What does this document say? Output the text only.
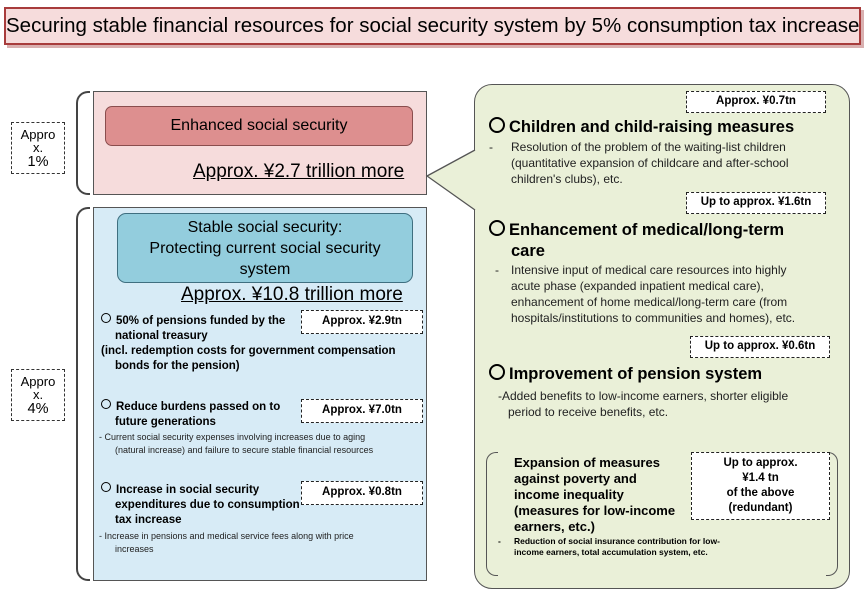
Securing stable financial resources for social security system by 5% consumption tax increase
Appro
x.
1%
Appro
x.
4%
Enhanced social security
Approx. ¥2.7 trillion more
Stable social security:
Protecting current social security
system
Approx. ¥10.8 trillion more
50% of pensions funded by the
national treasury
(incl. redemption costs for government compensation
bonds for the pension)
Approx. ¥2.9tn
Reduce burdens passed on to
future generations
Approx. ¥7.0tn
- Current social security expenses involving increases due to aging
(natural increase) and failure to secure stable financial resources
Increase in social security
expenditures due to consumption
tax increase
Approx. ¥0.8tn
- Increase in pensions and medical service fees along with price
increases
Approx. ¥0.7tn
Children and child-raising measures
- Resolution of the problem of the waiting-list children
(quantitative expansion of childcare and after-school
children's clubs), etc.
Up to approx. ¥1.6tn
Enhancement of medical/long-term
care
- Intensive input of medical care resources into highly
acute phase (expanded inpatient medical care),
enhancement of home medical/long-term care (from
hospitals/institutions to communities and homes), etc.
Up to approx. ¥0.6tn
Improvement of pension system
-Added benefits to low-income earners, shorter eligible
period to receive benefits, etc.
Expansion of measures
against poverty and
income inequality
(measures for low-income
earners, etc.)
Up to approx.
¥1.4 tn
of the above
(redundant)
- Reduction of social insurance contribution for low-
income earners, total accumulation system, etc.
